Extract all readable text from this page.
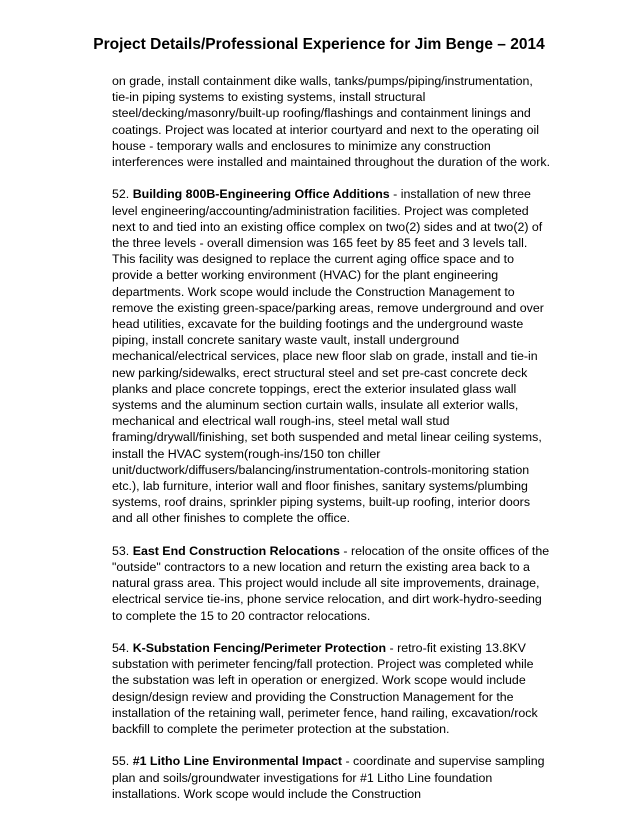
Project Details/Professional Experience for Jim Benge – 2014

on grade, install containment dike walls, tanks/pumps/piping/instrumentation, tie-in piping systems to existing systems, install structural steel/decking/masonry/built-up roofing/flashings and containment linings and coatings. Project was located at interior courtyard and next to the operating oil house - temporary walls and enclosures to minimize any construction interferences were installed and maintained throughout the duration of the work.

52. Building 800B-Engineering Office Additions - installation of new three level engineering/accounting/administration facilities. Project was completed next to and tied into an existing office complex on two(2) sides and at two(2) of the three levels - overall dimension was 165 feet by 85 feet and 3 levels tall. This facility was designed to replace the current aging office space and to provide a better working environment (HVAC) for the plant engineering departments. Work scope would include the Construction Management to remove the existing green-space/parking areas, remove underground and over head utilities, excavate for the building footings and the underground waste piping, install concrete sanitary waste vault, install underground mechanical/electrical services, place new floor slab on grade, install and tie-in new parking/sidewalks, erect structural steel and set pre-cast concrete deck planks and place concrete toppings, erect the exterior insulated glass wall systems and the aluminum section curtain walls, insulate all exterior walls, mechanical and electrical wall rough-ins, steel metal wall stud framing/drywall/finishing, set both suspended and metal linear ceiling systems, install the HVAC system(rough-ins/150 ton chiller unit/ductwork/diffusers/balancing/instrumentation-controls-monitoring station etc.), lab furniture, interior wall and floor finishes, sanitary systems/plumbing systems, roof drains, sprinkler piping systems, built-up roofing, interior doors and all other finishes to complete the office.

53. East End Construction Relocations - relocation of the onsite offices of the "outside" contractors to a new location and return the existing area back to a natural grass area. This project would include all site improvements, drainage, electrical service tie-ins, phone service relocation, and dirt work-hydro-seeding to complete the 15 to 20 contractor relocations.

54. K-Substation Fencing/Perimeter Protection - retro-fit existing 13.8KV substation with perimeter fencing/fall protection. Project was completed while the substation was left in operation or energized. Work scope would include design/design review and providing the Construction Management for the installation of the retaining wall, perimeter fence, hand railing, excavation/rock backfill to complete the perimeter protection at the substation.

55. #1 Litho Line Environmental Impact - coordinate and supervise sampling plan and soils/groundwater investigations for #1 Litho Line foundation installations. Work scope would include the Construction
